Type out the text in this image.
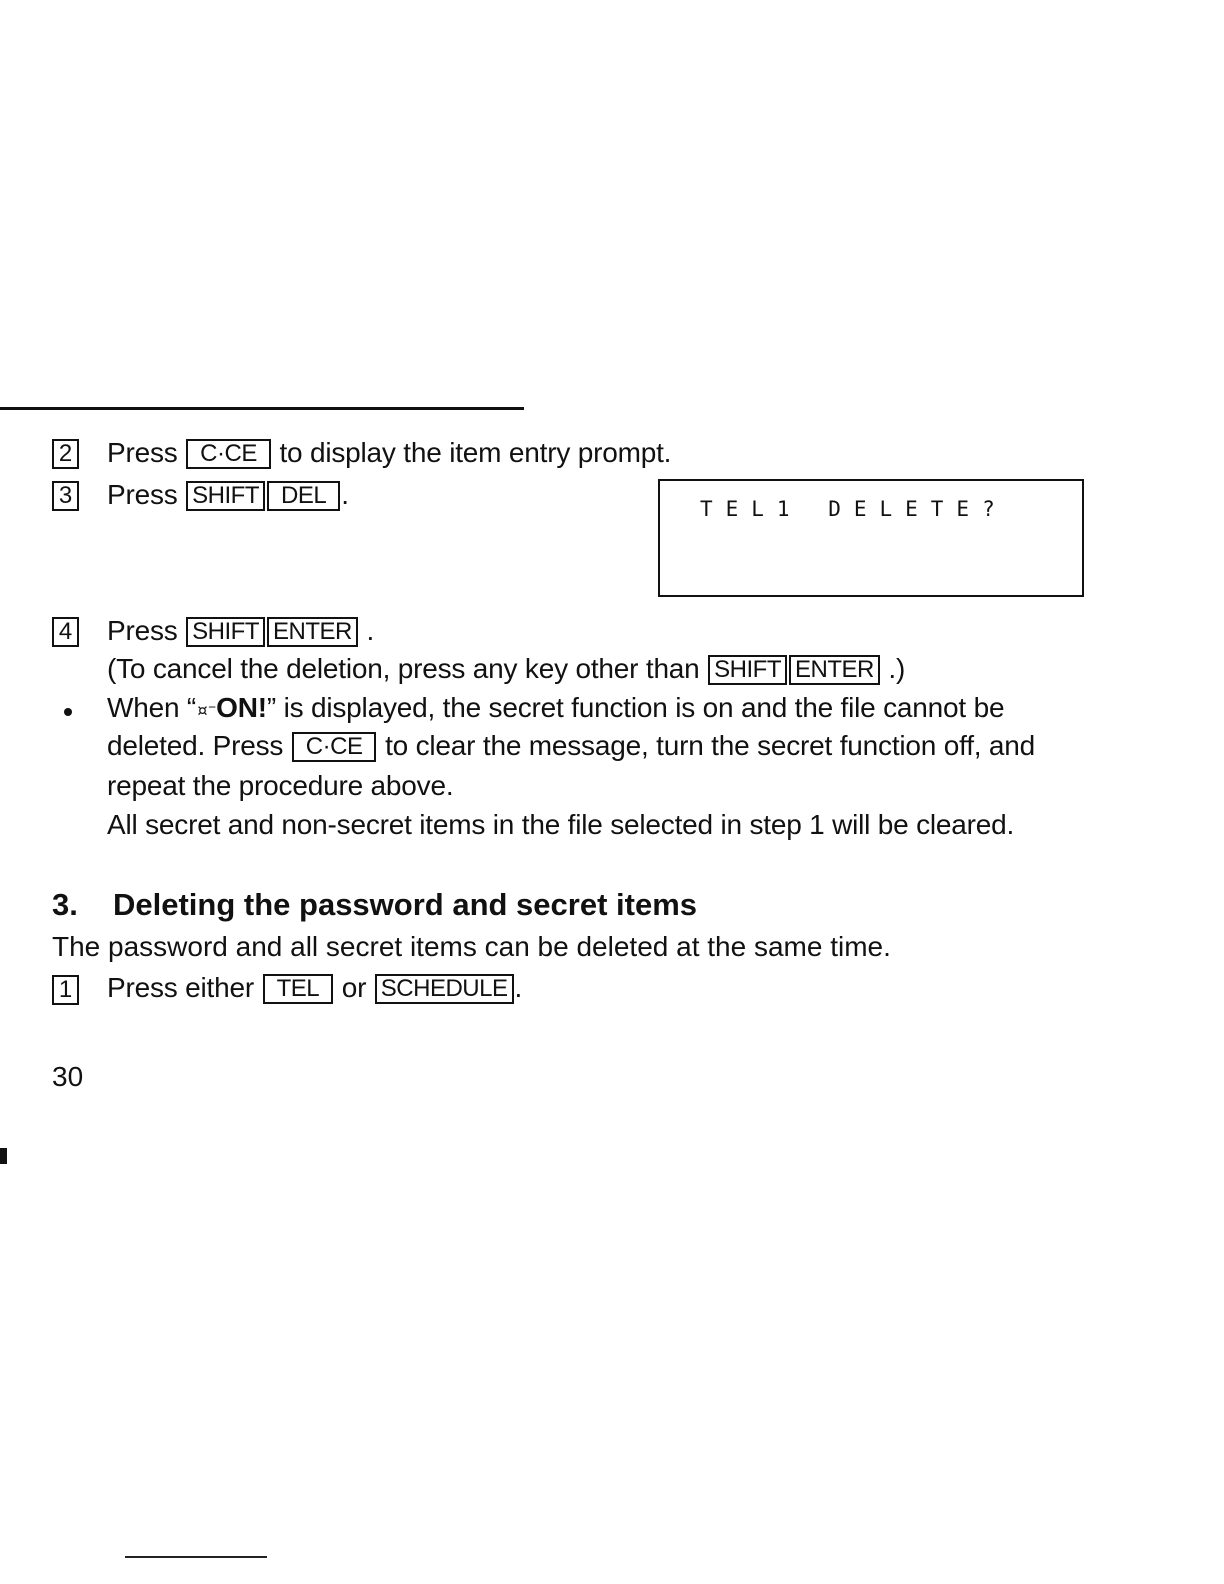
2 Press C·CE to display the item entry prompt.
3 Press SHIFT DEL .	TEL1 DELETE?
4 Press SHIFT ENTER .
(To cancel the deletion, press any key other than SHIFT ENTER .)
When “¤⁻ON!” is displayed, the secret function is on and the file cannot be
deleted. Press C·CE to clear the message, turn the secret function off, and
repeat the procedure above.
All secret and non-secret items in the file selected in step 1 will be cleared.
3. Deleting the password and secret items
The password and all secret items can be deleted at the same time.
1 Press either TEL or SCHEDULE .
30
